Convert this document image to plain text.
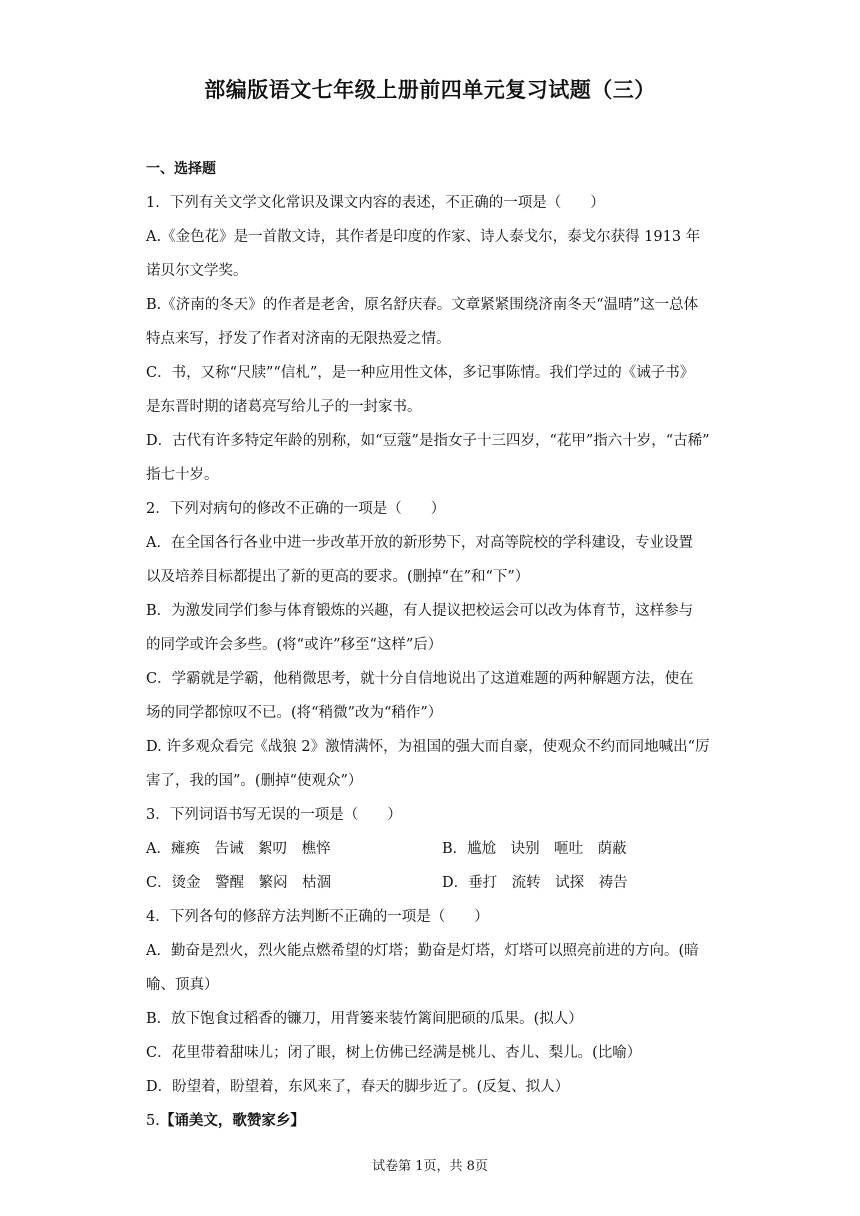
部编版语文七年级上册前四单元复习试题（三）
一、选择题
1．下列有关文学文化常识及课文内容的表述，不正确的一项是（　　）
A.《金色花》是一首散文诗，其作者是印度的作家、诗人泰戈尔，泰戈尔获得 1913 年
诺贝尔文学奖。
B.《济南的冬天》的作者是老舍，原名舒庆春。文章紧紧围绕济南冬天“温晴”这一总体
特点来写，抒发了作者对济南的无限热爱之情。
C．书，又称“尺牍”“信札”，是一种应用性文体，多记事陈情。我们学过的《诫子书》
是东晋时期的诸葛亮写给儿子的一封家书。
D．古代有许多特定年龄的别称，如“豆蔻”是指女子十三四岁，“花甲”指六十岁，“古稀”
指七十岁。
2．下列对病句的修改不正确的一项是（　　）
A．在全国各行各业中进一步改革开放的新形势下，对高等院校的学科建设，专业设置
以及培养目标都提出了新的更高的要求。(删掉“在”和“下”）
B．为激发同学们参与体育锻炼的兴趣，有人提议把校运会可以改为体育节，这样参与
的同学或许会多些。(将“或许”移至“这样”后）
C．学霸就是学霸，他稍微思考，就十分自信地说出了这道难题的两种解题方法，使在
场的同学都惊叹不已。(将“稍微”改为“稍作”）
D. 许多观众看完《战狼 2》激情满怀，为祖国的强大而自豪，使观众不约而同地喊出“厉
害了，我的国”。(删掉“使观众”）
3．下列词语书写无误的一项是（　　）
A．瘫痪　告诫　絮叨　樵悴	B．尴尬　诀别　咂吐　荫蔽
C．烫金　警醒　繁闷　枯涸	D．垂打　流转　试探　祷告
4．下列各句的修辞方法判断不正确的一项是（　　）
A．勤奋是烈火，烈火能点燃希望的灯塔；勤奋是灯塔，灯塔可以照亮前进的方向。(暗
喻、顶真）
B．放下饱食过稻香的镰刀，用背篓来装竹篱间肥硕的瓜果。(拟人）
C．花里带着甜味儿；闭了眼，树上仿佛已经满是桃儿、杏儿、梨儿。(比喻）
D．盼望着，盼望着，东风来了，春天的脚步近了。(反复、拟人）
5.【诵美文，歌赞家乡】
试卷第 1页，共 8页
